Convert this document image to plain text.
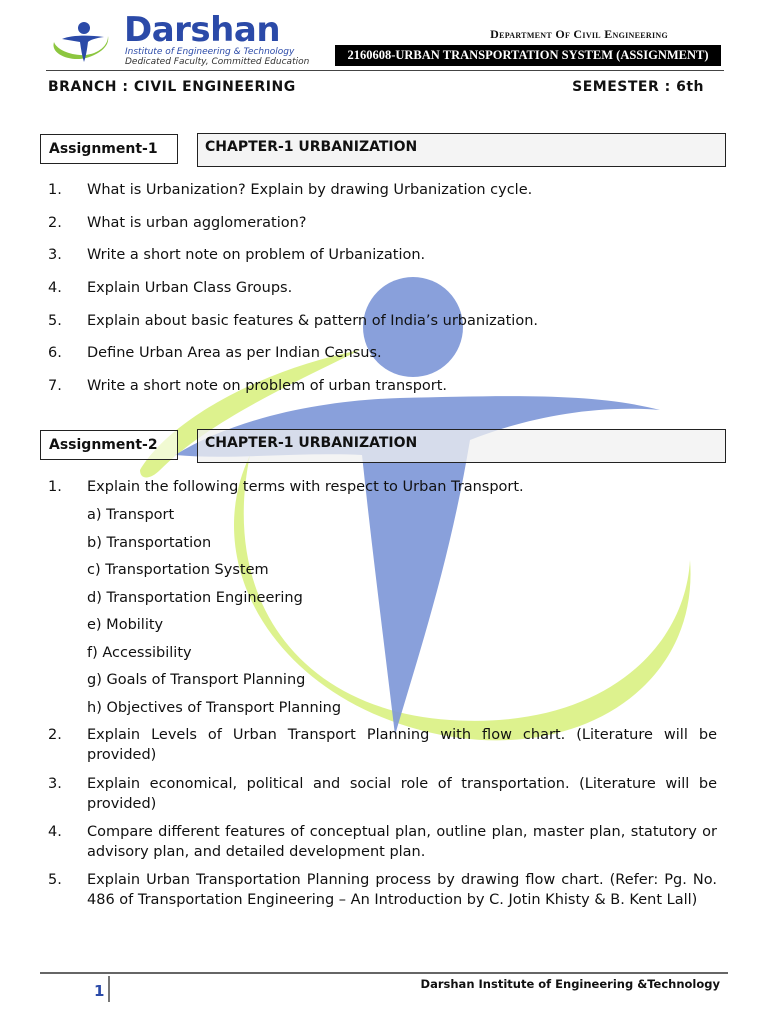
Darshan
Institute of Engineering & Technology
Dedicated Faculty, Committed Education
Department Of Civil Engineering
2160608-URBAN TRANSPORTATION SYSTEM (ASSIGNMENT)
BRANCH : CIVIL ENGINEERING	SEMESTER : 6th
Assignment-1	CHAPTER-1 URBANIZATION
1. What is Urbanization? Explain by drawing Urbanization cycle.
2. What is urban agglomeration?
3. Write a short note on problem of Urbanization.
4. Explain Urban Class Groups.
5. Explain about basic features & pattern of India’s urbanization.
6. Define Urban Area as per Indian Census.
7. Write a short note on problem of urban transport.
Assignment-2	CHAPTER-1 URBANIZATION
1. Explain the following terms with respect to Urban Transport.
a) Transport
b) Transportation
c) Transportation System
d) Transportation Engineering
e) Mobility
f) Accessibility
g) Goals of Transport Planning
h) Objectives of Transport Planning
2. Explain Levels of Urban Transport Planning with flow chart. (Literature will be provided)
3. Explain economical, political and social role of transportation. (Literature will be provided)
4. Compare different features of conceptual plan, outline plan, master plan, statutory or advisory plan, and detailed development plan.
5. Explain Urban Transportation Planning process by drawing flow chart. (Refer: Pg. No. 486 of Transportation Engineering – An Introduction by C. Jotin Khisty & B. Kent Lall)
1	Darshan Institute of Engineering &Technology
